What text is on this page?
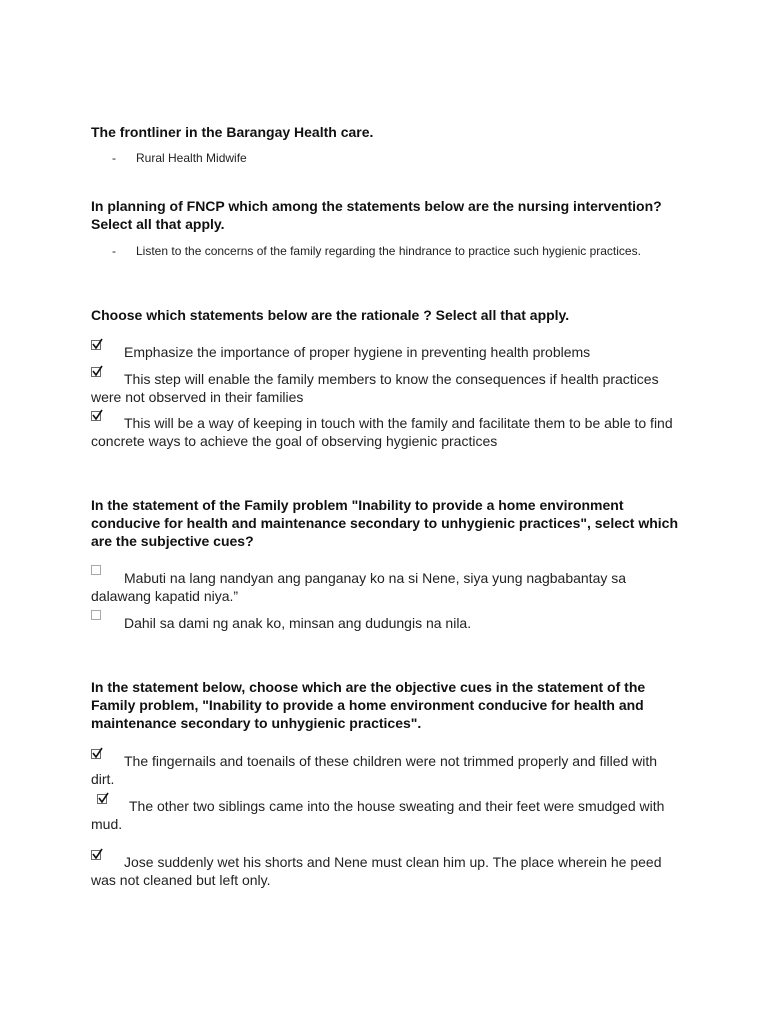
The frontliner in the Barangay Health care.
- Rural Health Midwife
In planning of FNCP which among the statements below are the nursing intervention? Select all that apply.
- Listen to the concerns of the family regarding the hindrance to practice such hygienic practices.
Choose which statements below are the rationale ? Select all that apply.
Emphasize the importance of proper hygiene in preventing health problems
This step will enable the family members to know the consequences if health practices were not observed in their families
This will be a way of keeping in touch with the family and facilitate them to be able to find concrete ways to achieve the goal of observing hygienic practices
In the statement of the Family problem "Inability to provide a home environment conducive for health and maintenance secondary to unhygienic practices", select which are the subjective cues?
Mabuti na lang nandyan ang panganay ko na si Nene, siya yung nagbabantay sa dalawang kapatid niya.”
Dahil sa dami ng anak ko, minsan ang dudungis na nila.
In the statement below, choose which are the objective cues in the statement of the Family problem, "Inability to provide a home environment conducive for health and maintenance secondary to unhygienic practices".
The fingernails and toenails of these children were not trimmed properly and filled with dirt.
The other two siblings came into the house sweating and their feet were smudged with mud.
Jose suddenly wet his shorts and Nene must clean him up. The place wherein he peed was not cleaned but left only.
